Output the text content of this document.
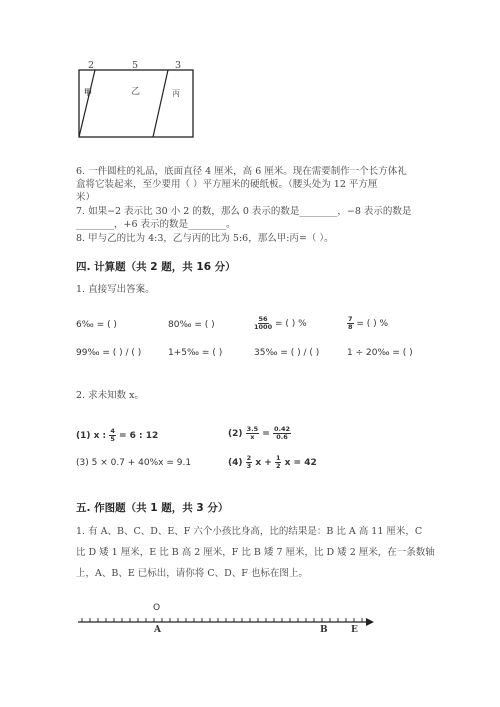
2	5	3
甲	乙	丙
6. 一件圆柱的礼品，底面直径 4 厘米，高 6 厘米。现在需要制作一个长方体礼
盒将它装起来，至少要用（ ）平方厘米的硬纸板。（腰头处为 12 平方厘
米）
7. 如果−2 表示比 30 小 2 的数，那么 0 表示的数是________，−8 表示的数是
________，+6 表示的数是________。
8. 甲与乙的比为 4:3，乙与丙的比为 5:6，那么甲:丙=（ ）。
四. 计算题（共 2 题，共 16 分）
1. 直接写出答案。
6‰ = ( )	80‰ = ( )	$\frac{56}{1000}$ = ( ) %	$\frac{7}{8}$ = ( ) %
99‰ = ( ) / ( )	1+5‰ = ( )	35‰ = ( ) / ( )	1 ÷ 20‰ = ( )
2. 求未知数 x。
(1) x : $\frac{4}{5} = 6$ : 12	$(2) \frac{3.5}{x} = \frac{0.42}{0.6}$
(3) 5 × 0.7 + 40%x = 9.1	$(4) \frac{2}{3}$ $x + \frac{1}{2}$ x = 42
五. 作图题（共 1 题，共 3 分）
1. 有 A、B、C、D、E、F 六个小孩比身高，比的结果是：B 比 A 高 11 厘米，C
比 D 矮 1 厘米，E 比 B 高 2 厘米，F 比 B 矮 7 厘米，比 D 矮 2 厘米，在一条数轴
上，A、B、E 已标出，请你将 C、D、F 也标在图上。
O
A	B	E
